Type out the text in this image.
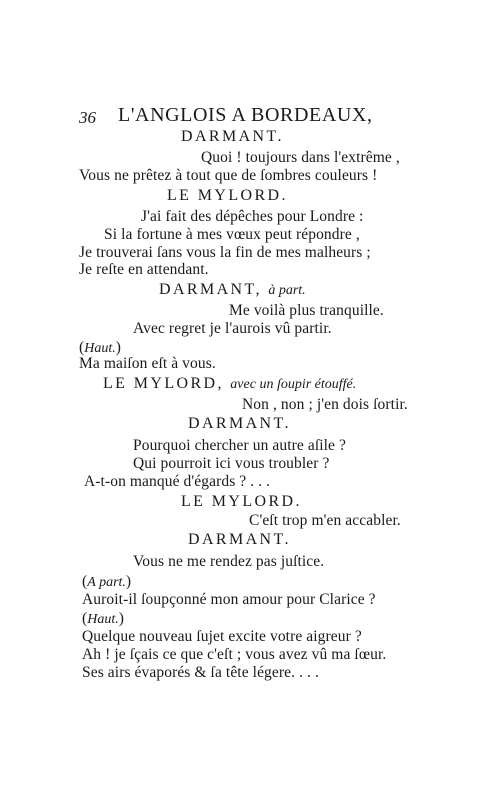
36 L'ANGLOIS A BORDEAUX,
DARMANT.
Quoi ! toujours dans l'extrême ,
Vous ne prêtez à tout que de ſombres couleurs !
LE MYLORD.
J'ai fait des dépêches pour Londre :
Si la fortune à mes vœux peut répondre ,
Je trouverai ſans vous la fin de mes malheurs ;
Je reſte en attendant.
DARMANT, à part.
Me voilà plus tranquille.
Avec regret je l'aurois vû partir.
(Haut.)
Ma maiſon eſt à vous.
LE MYLORD, avec un ſoupir étouffé.
Non , non ; j'en dois ſortir.
DARMANT.
Pourquoi chercher un autre aſile ?
Qui pourroit ici vous troubler ?
A-t-on manqué d'égards ? . . .
LE MYLORD.
C'eſt trop m'en accabler.
DARMANT.
Vous ne me rendez pas juſtice.
(A part.)
Auroit-il ſoupçonné mon amour pour Clarice ?
(Haut.)
Quelque nouveau ſujet excite votre aigreur ?
Ah ! je ſçais ce que c'eſt ; vous avez vû ma ſœur.
Ses airs évaporés & ſa tête légere. . . .
